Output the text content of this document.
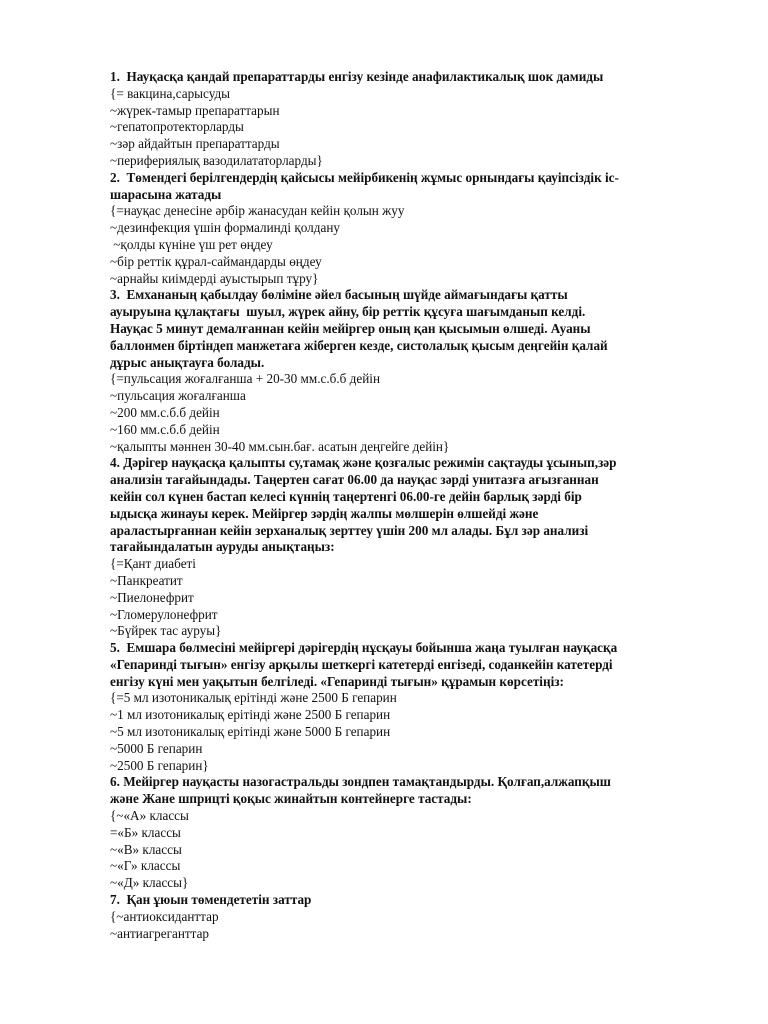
1.  Науқасқа қандай препараттарды енгізу кезінде анафилактикалық шок дамиды

{= вакцина,сарысуды

~жүрек-тамыр препараттарын

~гепатопротекторларды

~зәр айдайтын препараттарды

~перифериялық вазодилататорларды}

2.  Төмендегі берілгендердің қайсысы мейірбикенің жұмыс орнындағы қауіпсіздік іс-

шарасына жатады

{=науқас денесіне әрбір жанасудан кейін қолын жуу

~дезинфекция үшін формалинді қолдану

~қолды күніне үш рет өңдеу

~бір реттік құрал-саймандарды өңдеу

~арнайы киімдерді ауыстырып тұру}

3.  Емхананың қабылдау бөліміне әйел басының шүйде аймағындағы қатты

ауыруына құлақтағы  шуыл, жүрек айну, бір реттік құсуға шағымданып келді.

Науқас 5 минут демалғаннан кейін мейіргер оның қан қысымын өлшеді. Ауаны

баллонмен біртіндеп манжетаға жіберген кезде, систолалық қысым деңгейін қалай

дұрыс анықтауға болады.

{=пульсация жоғалғанша + 20-30 мм.с.б.б дейін

~пульсация жоғалғанша

~200 мм.с.б.б дейін

~160 мм.с.б.б дейін

~қалыпты мәннен 30-40 мм.сын.бағ. асатын деңгейге дейін}

4. Дәрігер науқасқа қалыпты су,тамақ және қозғалыс режимін сақтауды ұсынып,зәр

анализін тағайындады. Таңертен сағат 06.00 да науқас зәрді унитазға ағызғаннан

кейін сол күнен бастап келесі күннің таңертенгі 06.00-ге дейін барлық зәрді бір

ыдысқа жинауы керек. Мейіргер зәрдің жалпы мөлшерін өлшейді және

араластырғаннан кейін зерханалық зерттеу үшін 200 мл алады. Бұл зәр анализі

тағайындалатын ауруды анықтаңыз:

{=Қант диабеті

~Панкреатит

~Пиелонефрит

~Гломерулонефрит

~Бүйрек тас ауруы}

5.  Емшара бөлмесіні мейіргері дәрігердің нұсқауы бойынша жаңа туылған науқасқа

«Гепаринді тығын» енгізу арқылы шеткергі катетерді енгізеді, соданкейін катетерді

енгізу күні мен уақытын белгіледі. «Гепаринді тығын» құрамын көрсетіңіз:

{=5 мл изотоникалық ерітінді және 2500 Б гепарин

~1 мл изотоникалық ерітінді және 2500 Б гепарин

~5 мл изотоникалық ерітінді және 5000 Б гепарин

~5000 Б гепарин

~2500 Б гепарин}

6. Мейіргер науқасты назогастральды зондпен тамақтандырды. Қолғап,алжапқыш

және Жане шприцті қоқыс жинайтын контейнерге тастады:

{~«А» классы

=«Б» классы

~«В» классы

~«Г» классы

~«Д» классы}

7.  Қан ұюын төмендететін заттар

{~антиоксиданттар

~антиагреганттар
